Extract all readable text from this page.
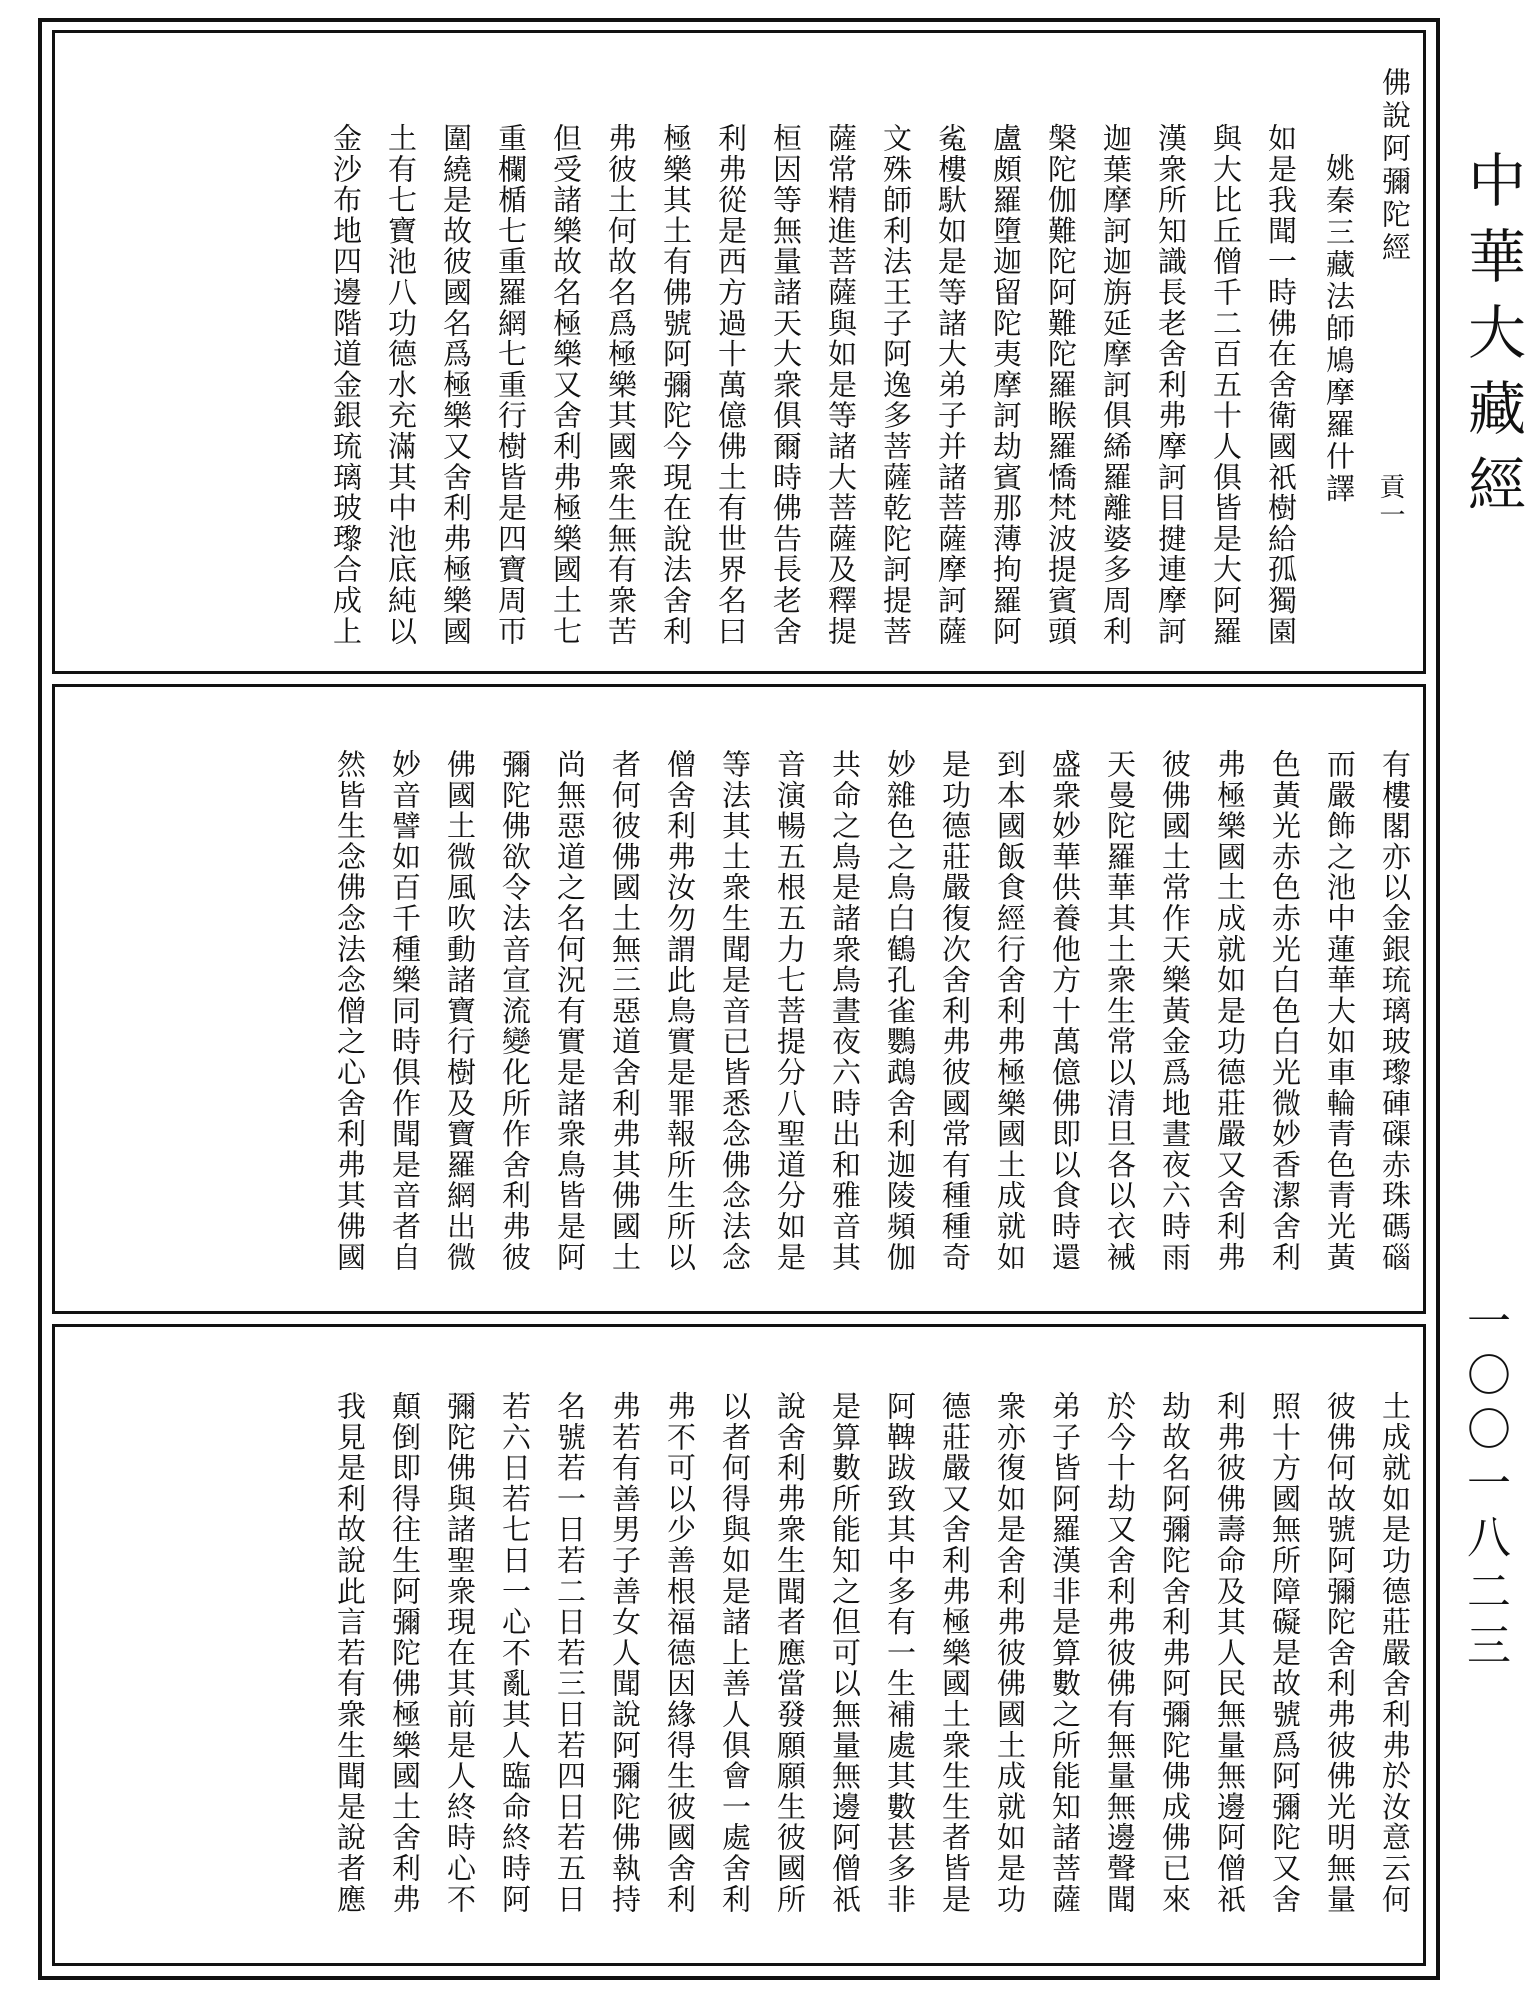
佛說阿彌陀經
姚秦三藏法師鳩摩羅什譯 貢一
如是我聞一時佛在舍衛國祇樹給孤獨園
與大比丘僧千二百五十人俱皆是大阿羅
漢衆所知識長老舍利弗摩訶目揵連摩訶
迦葉摩訶迦旃延摩訶俱絺羅離婆多周利
槃陀伽難陀阿難陀羅睺羅憍梵波提賓頭
盧頗羅墮迦留陀夷摩訶劫賓那薄拘羅阿
㝹樓馱如是等諸大弟子并諸菩薩摩訶薩
文殊師利法王子阿逸多菩薩乾陀訶提菩
薩常精進菩薩與如是等諸大菩薩及釋提
桓因等無量諸天大衆俱爾時佛告長老舍
利弗從是西方過十萬億佛土有世界名曰
極樂其土有佛號阿彌陀今現在說法舍利
弗彼土何故名爲極樂其國衆生無有衆苦
但受諸樂故名極樂又舍利弗極樂國土七
重欄楯七重羅網七重行樹皆是四寶周帀
圍繞是故彼國名爲極樂又舍利弗極樂國
土有七寶池八功德水充滿其中池底純以
金沙布地四邊階道金銀琉璃玻瓈合成上
有樓閣亦以金銀琉璃玻瓈硨磲赤珠碼碯
而嚴飾之池中蓮華大如車輪青色青光黃
色黃光赤色赤光白色白光微妙香潔舍利
弗極樂國土成就如是功德莊嚴又舍利弗
彼佛國土常作天樂黃金爲地晝夜六時雨
天曼陀羅華其土衆生常以清旦各以衣裓
盛衆妙華供養他方十萬億佛即以食時還
到本國飯食經行舍利弗極樂國土成就如
是功德莊嚴復次舍利弗彼國常有種種奇
妙雜色之鳥白鶴孔雀鸚鵡舍利迦陵頻伽
共命之鳥是諸衆鳥晝夜六時出和雅音其
音演暢五根五力七菩提分八聖道分如是
等法其土衆生聞是音已皆悉念佛念法念
僧舍利弗汝勿謂此鳥實是罪報所生所以
者何彼佛國土無三惡道舍利弗其佛國土
尚無惡道之名何況有實是諸衆鳥皆是阿
彌陀佛欲令法音宣流變化所作舍利弗彼
佛國土微風吹動諸寶行樹及寶羅網出微
妙音譬如百千種樂同時俱作聞是音者自
然皆生念佛念法念僧之心舍利弗其佛國
土成就如是功德莊嚴舍利弗於汝意云何
彼佛何故號阿彌陀舍利弗彼佛光明無量
照十方國無所障礙是故號爲阿彌陀又舍
利弗彼佛壽命及其人民無量無邊阿僧祇
劫故名阿彌陀舍利弗阿彌陀佛成佛已來
於今十劫又舍利弗彼佛有無量無邊聲聞
弟子皆阿羅漢非是算數之所能知諸菩薩
衆亦復如是舍利弗彼佛國土成就如是功
德莊嚴又舍利弗極樂國土衆生生者皆是
阿鞞跋致其中多有一生補處其數甚多非
是算數所能知之但可以無量無邊阿僧祇
說舍利弗衆生聞者應當發願願生彼國所
以者何得與如是諸上善人俱會一處舍利
弗不可以少善根福德因緣得生彼國舍利
弗若有善男子善女人聞說阿彌陀佛執持
名號若一日若二日若三日若四日若五日
若六日若七日一心不亂其人臨命終時阿
彌陀佛與諸聖衆現在其前是人終時心不
顛倒即得往生阿彌陀佛極樂國土舍利弗
我見是利故說此言若有衆生聞是說者應
中華大藏經
一〇〇一八二三
